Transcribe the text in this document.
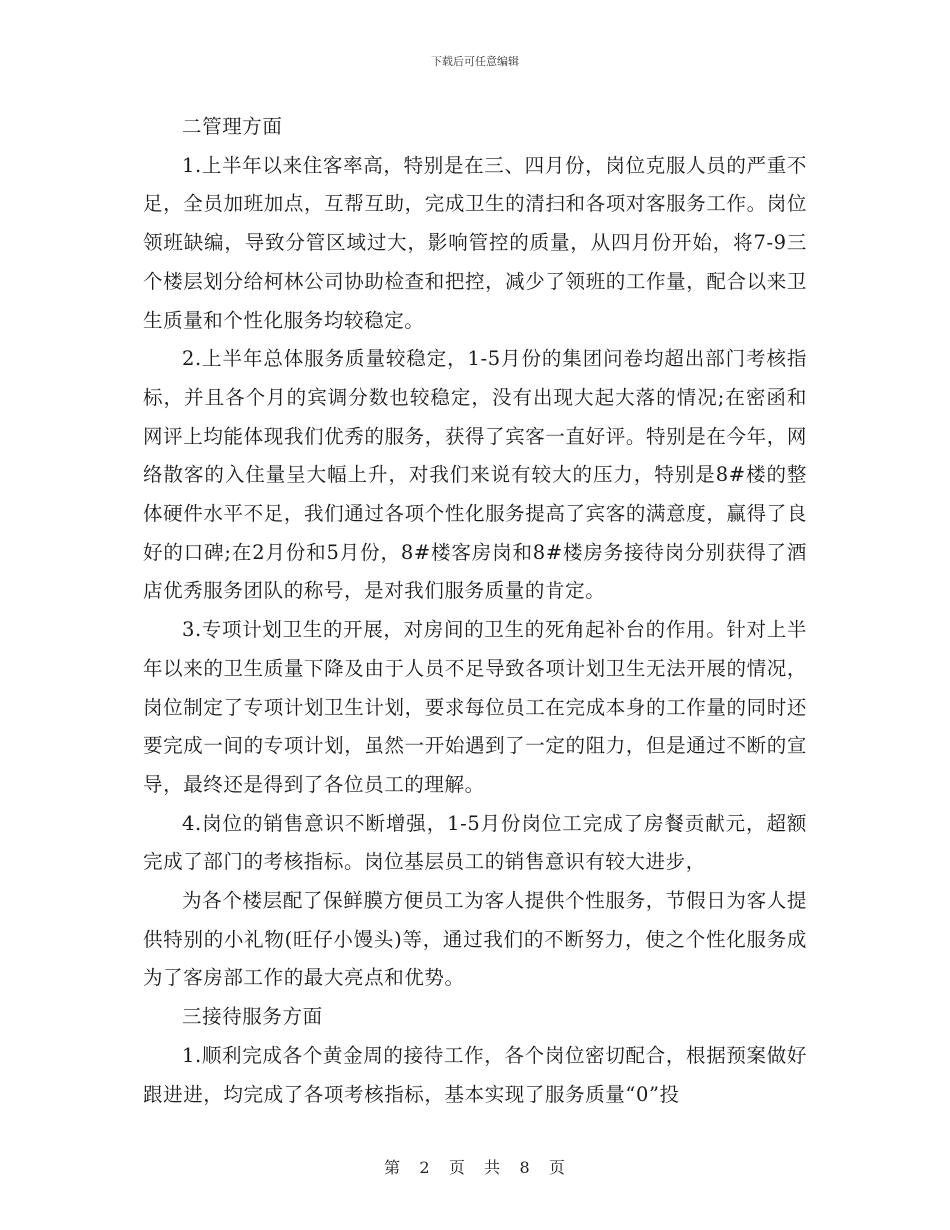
下载后可任意编辑

二管理方面

1.上半年以来住客率高，特别是在三、四月份，岗位克服人员的严重不足，全员加班加点，互帮互助，完成卫生的清扫和各项对客服务工作。岗位领班缺编，导致分管区域过大，影响管控的质量，从四月份开始，将7-9三个楼层划分给柯林公司协助检查和把控，减少了领班的工作量，配合以来卫生质量和个性化服务均较稳定。

2.上半年总体服务质量较稳定，1-5月份的集团问卷均超出部门考核指标，并且各个月的宾调分数也较稳定，没有出现大起大落的情况;在密函和网评上均能体现我们优秀的服务，获得了宾客一直好评。特别是在今年，网络散客的入住量呈大幅上升，对我们来说有较大的压力，特别是8#楼的整体硬件水平不足，我们通过各项个性化服务提高了宾客的满意度，赢得了良好的口碑;在2月份和5月份，8#楼客房岗和8#楼房务接待岗分别获得了酒店优秀服务团队的称号，是对我们服务质量的肯定。

3.专项计划卫生的开展，对房间的卫生的死角起补台的作用。针对上半年以来的卫生质量下降及由于人员不足导致各项计划卫生无法开展的情况，岗位制定了专项计划卫生计划，要求每位员工在完成本身的工作量的同时还要完成一间的专项计划，虽然一开始遇到了一定的阻力，但是通过不断的宣导，最终还是得到了各位员工的理解。

4.岗位的销售意识不断增强，1-5月份岗位工完成了房餐贡献元，超额完成了部门的考核指标。岗位基层员工的销售意识有较大进步，

为各个楼层配了保鲜膜方便员工为客人提供个性服务，节假日为客人提供特别的小礼物(旺仔小馒头)等，通过我们的不断努力，使之个性化服务成为了客房部工作的最大亮点和优势。

三接待服务方面

1.顺利完成各个黄金周的接待工作，各个岗位密切配合，根据预案做好跟进进，均完成了各项考核指标，基本实现了服务质量“0”投

第 2 页 共 8 页
